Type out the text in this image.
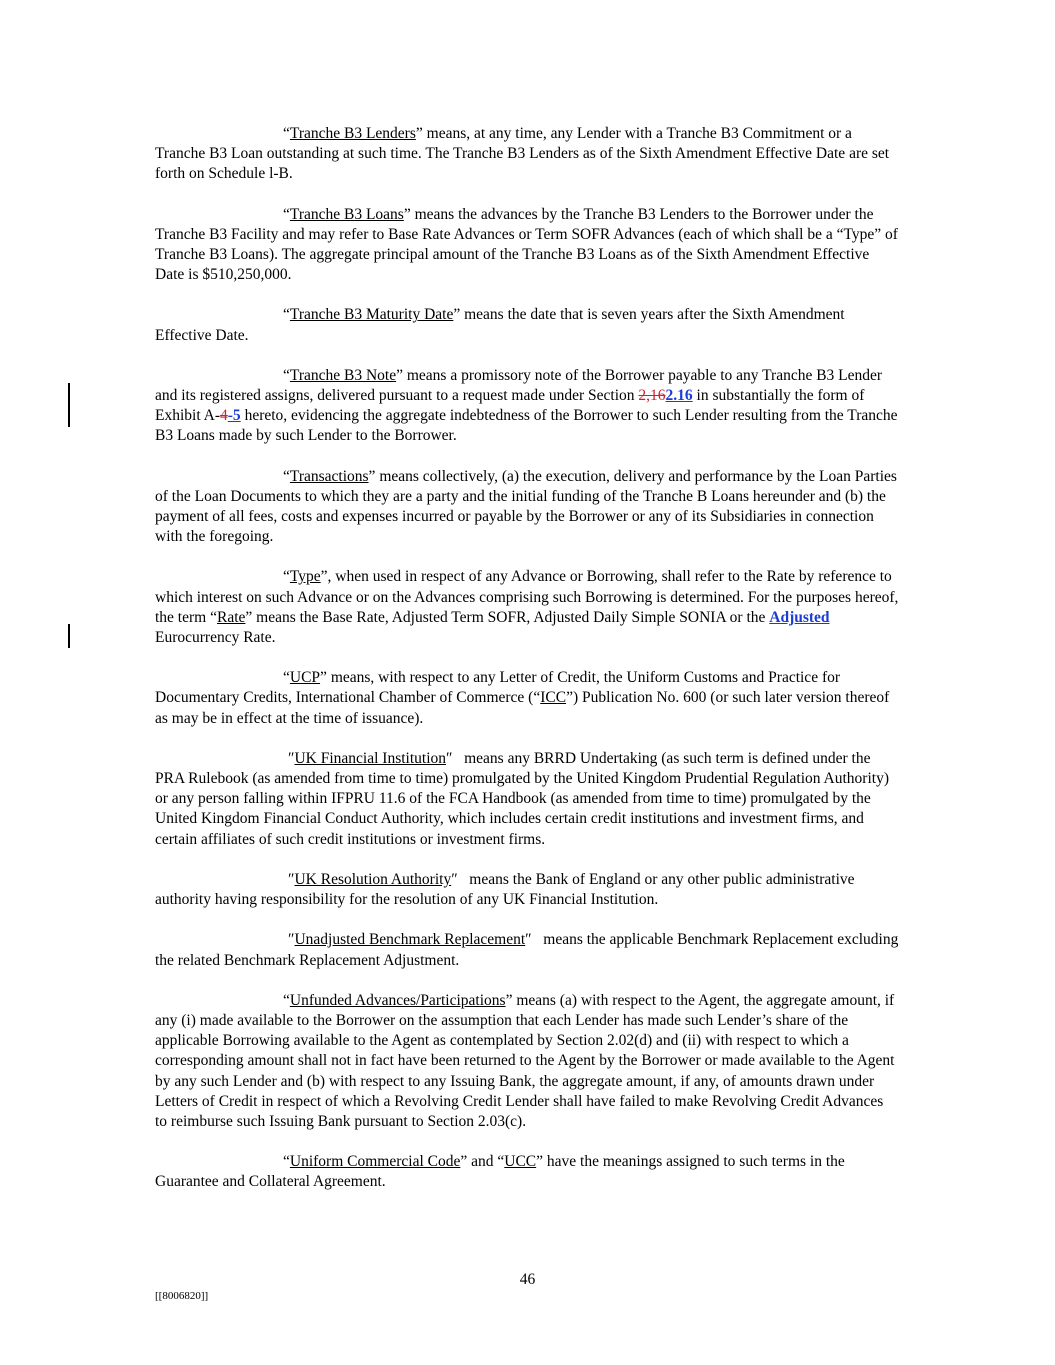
“Tranche B3 Lenders” means, at any time, any Lender with a Tranche B3 Commitment or a Tranche B3 Loan outstanding at such time. The Tranche B3 Lenders as of the Sixth Amendment Effective Date are set forth on Schedule l-B.

“Tranche B3 Loans” means the advances by the Tranche B3 Lenders to the Borrower under the Tranche B3 Facility and may refer to Base Rate Advances or Term SOFR Advances (each of which shall be a “Type” of Tranche B3 Loans). The aggregate principal amount of the Tranche B3 Loans as of the Sixth Amendment Effective Date is $510,250,000.

“Tranche B3 Maturity Date” means the date that is seven years after the Sixth Amendment Effective Date.

“Tranche B3 Note” means a promissory note of the Borrower payable to any Tranche B3 Lender and its registered assigns, delivered pursuant to a request made under Section 2,162.16 in substantially the form of Exhibit A-4-5 hereto, evidencing the aggregate indebtedness of the Borrower to such Lender resulting from the Tranche B3 Loans made by such Lender to the Borrower.

“Transactions” means collectively, (a) the execution, delivery and performance by the Loan Parties of the Loan Documents to which they are a party and the initial funding of the Tranche B Loans hereunder and (b) the payment of all fees, costs and expenses incurred or payable by the Borrower or any of its Subsidiaries in connection with the foregoing.

“Type”, when used in respect of any Advance or Borrowing, shall refer to the Rate by reference to which interest on such Advance or on the Advances comprising such Borrowing is determined. For the purposes hereof, the term “Rate” means the Base Rate, Adjusted Term SOFR, Adjusted Daily Simple SONIA or the Adjusted Eurocurrency Rate.

“UCP” means, with respect to any Letter of Credit, the Uniform Customs and Practice for Documentary Credits, International Chamber of Commerce (“ICC”) Publication No. 600 (or such later version thereof as may be in effect at the time of issuance).

″UK Financial Institution″   means any BRRD Undertaking (as such term is defined under the PRA Rulebook (as amended from time to time) promulgated by the United Kingdom Prudential Regulation Authority) or any person falling within IFPRU 11.6 of the FCA Handbook (as amended from time to time) promulgated by the United Kingdom Financial Conduct Authority, which includes certain credit institutions and investment firms, and certain affiliates of such credit institutions or investment firms.

″UK Resolution Authority″   means the Bank of England or any other public administrative authority having responsibility for the resolution of any UK Financial Institution.

″Unadjusted Benchmark Replacement″   means the applicable Benchmark Replacement excluding the related Benchmark Replacement Adjustment.

“Unfunded Advances/Participations” means (a) with respect to the Agent, the aggregate amount, if any (i) made available to the Borrower on the assumption that each Lender has made such Lender’s share of the applicable Borrowing available to the Agent as contemplated by Section 2.02(d) and (ii) with respect to which a corresponding amount shall not in fact have been returned to the Agent by the Borrower or made available to the Agent by any such Lender and (b) with respect to any Issuing Bank, the aggregate amount, if any, of amounts drawn under Letters of Credit in respect of which a Revolving Credit Lender shall have failed to make Revolving Credit Advances to reimburse such Issuing Bank pursuant to Section 2.03(c).

“Uniform Commercial Code” and “UCC” have the meanings assigned to such terms in the Guarantee and Collateral Agreement.

46
[[8006820]]
